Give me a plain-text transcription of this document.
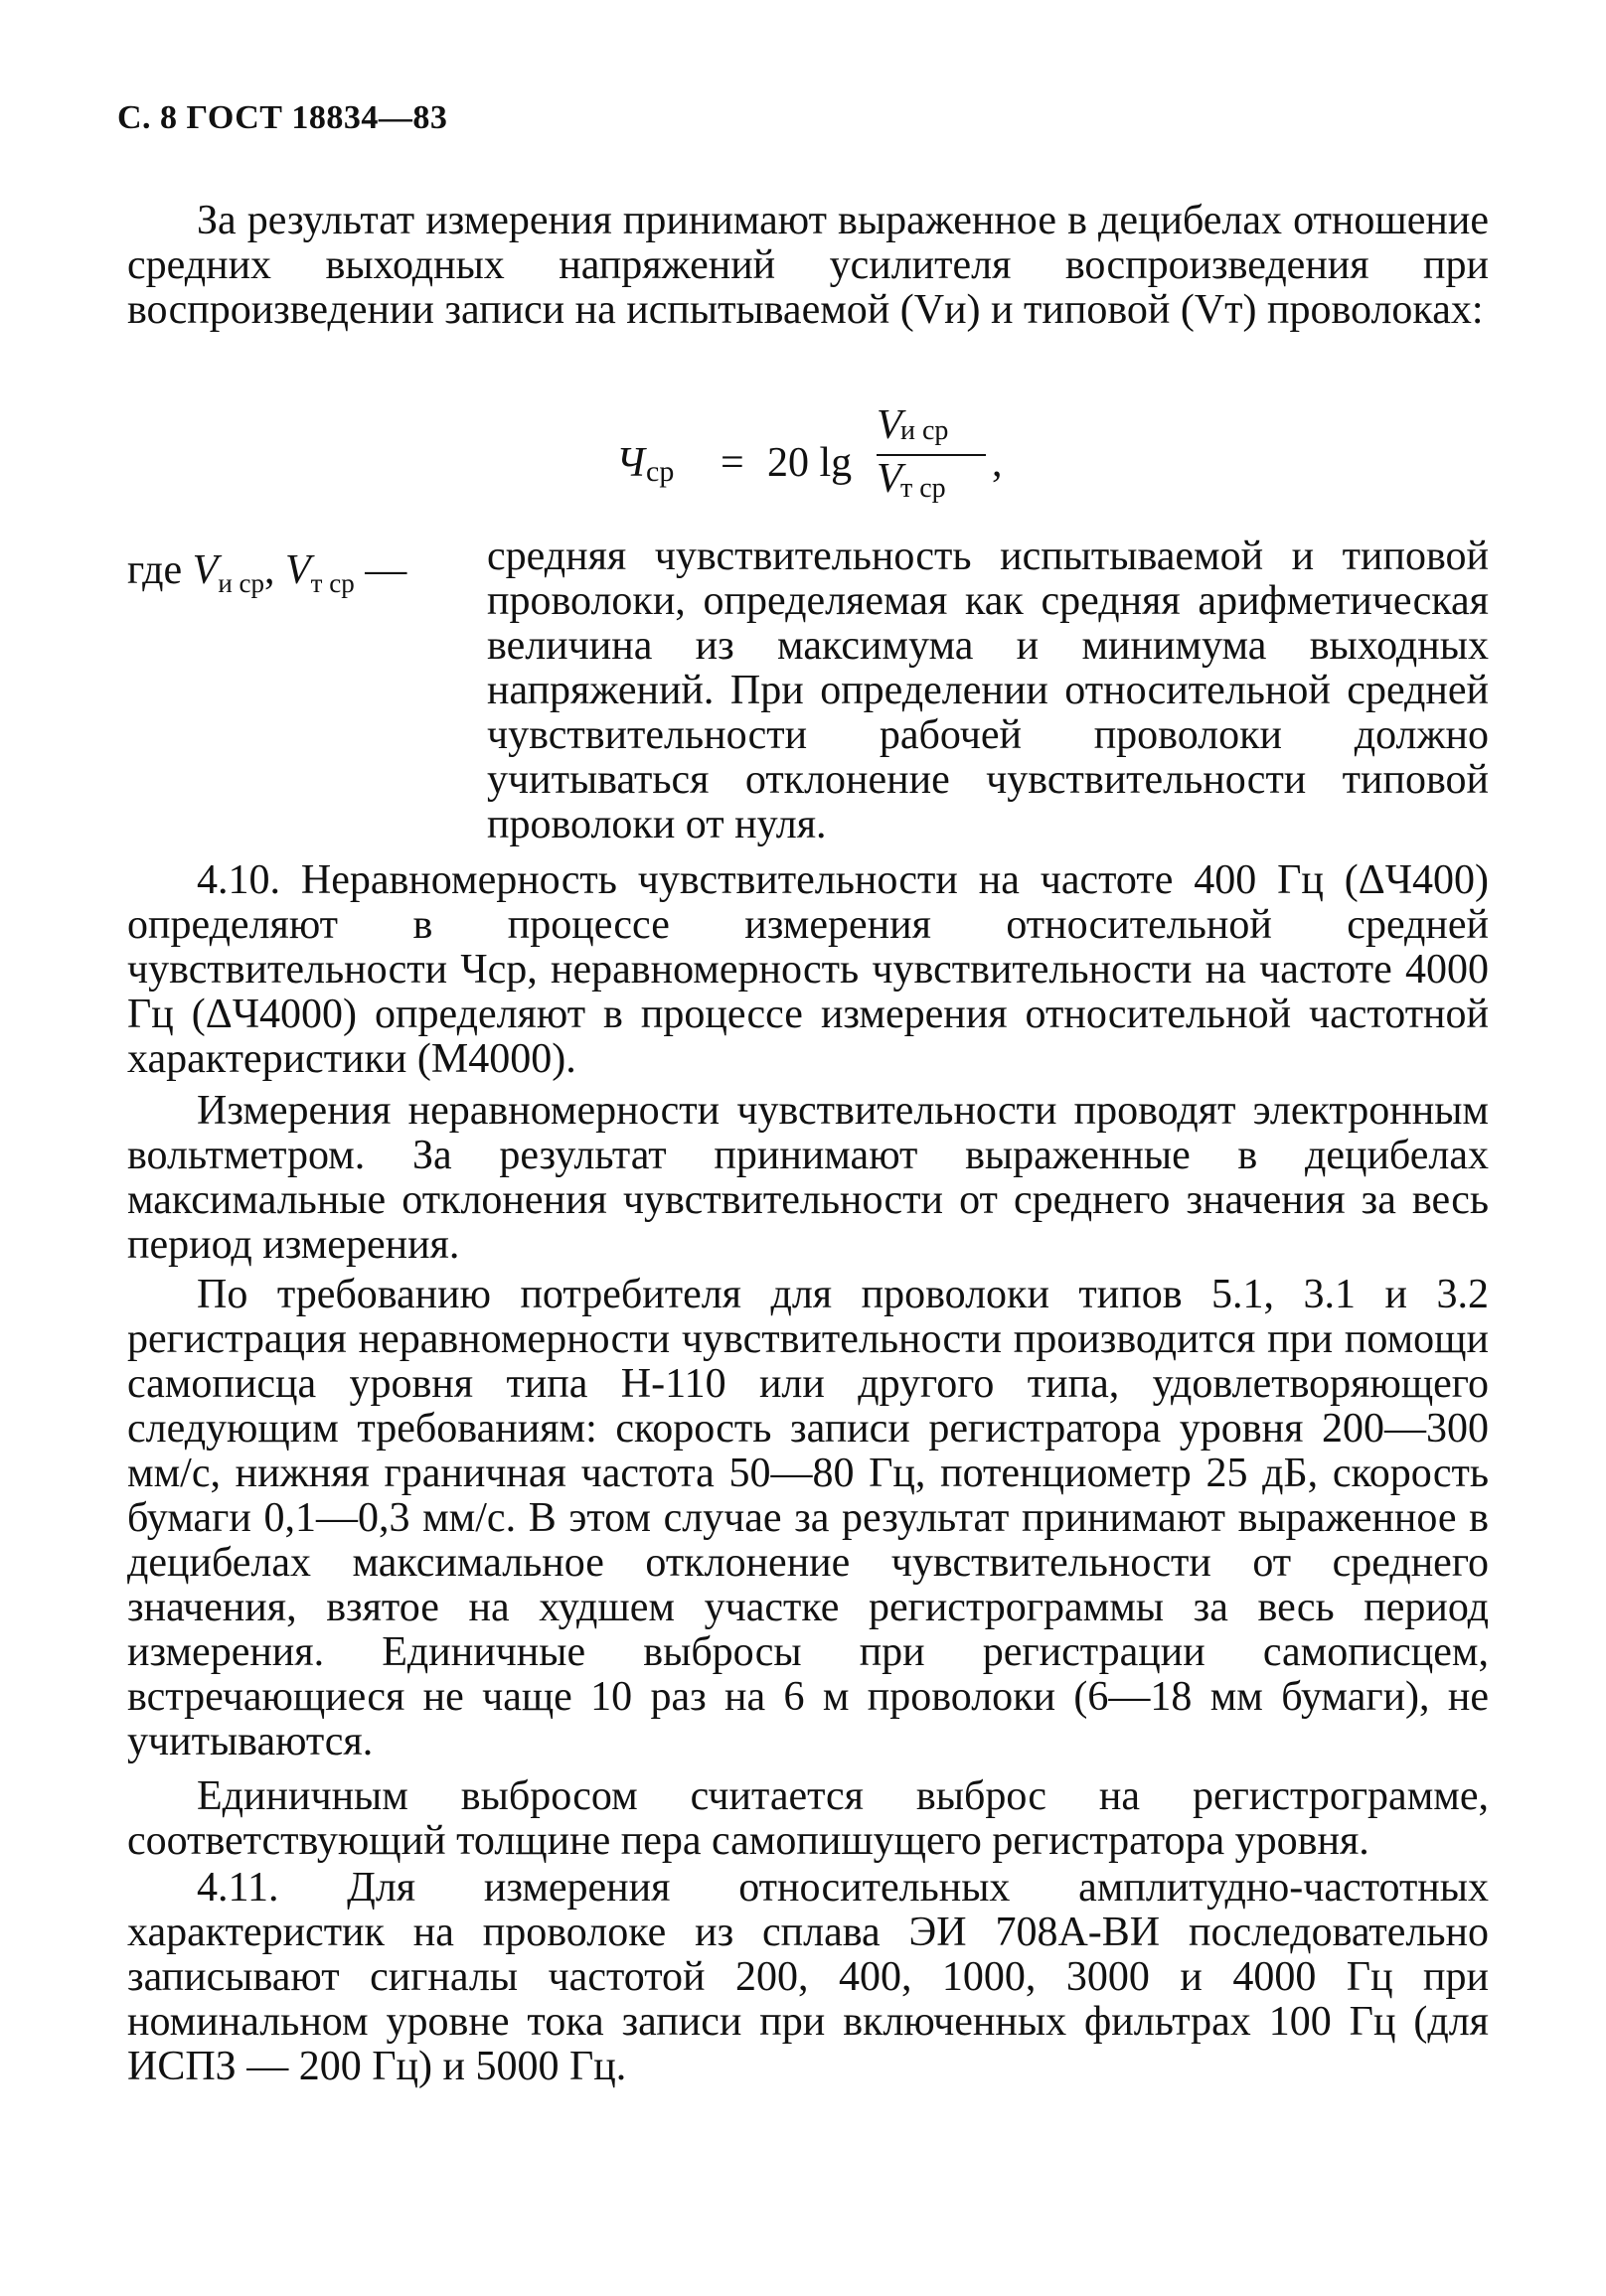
С. 8 ГОСТ 18834—83
За результат измерения принимают выраженное в децибелах отношение средних выходных напряжений усилителя воспроизведения при воспроизведении записи на испытываемой (Vи) и типовой (Vт) проволоках:
Ч ср = 20 lg
V
и ср
V
т ср
,
где $V_{и ср}$, $V_{т ср}$ —	средняя чувствительность испытываемой и типовой проволоки, определяемая как средняя арифметическая величина из максимума и минимума выходных напряжений. При определении относительной средней чувствительности рабочей проволоки должно учитываться отклонение чувствительности типовой проволоки от нуля.
4.10. Неравномерность чувствительности на частоте 400 Гц (ΔЧ400) определяют в процессе измерения относительной средней чувствительности Чср, неравномерность чувствительности на частоте 4000 Гц (ΔЧ4000) определяют в процессе измерения относительной частотной характеристики (M4000).
Измерения неравномерности чувствительности проводят электронным вольтметром. За результат принимают выраженные в децибелах максимальные отклонения чувствительности от среднего значения за весь период измерения.
По требованию потребителя для проволоки типов 5.1, 3.1 и 3.2 регистрация неравномерности чувствительности производится при помощи самописца уровня типа Н-110 или другого типа, удовлетворяющего следующим требованиям: скорость записи регистратора уровня 200—300 мм/с, нижняя граничная частота 50—80 Гц, потенциометр 25 дБ, скорость бумаги 0,1—0,3 мм/с. В этом случае за результат принимают выраженное в децибелах максимальное отклонение чувствительности от среднего значения, взятое на худшем участке регистрограммы за весь период измерения. Единичные выбросы при регистрации самописцем, встречающиеся не чаще 10 раз на 6 м проволоки (6—18 мм бумаги), не учитываются.
Единичным выбросом считается выброс на регистрограмме, соответствующий толщине пера самопишущего регистратора уровня.
4.11. Для измерения относительных амплитудно-частотных характеристик на проволоке из сплава ЭИ 708А-ВИ последовательно записывают сигналы частотой 200, 400, 1000, 3000 и 4000 Гц при номинальном уровне тока записи при включенных фильтрах 100 Гц (для ИСПЗ — 200 Гц) и 5000 Гц.
